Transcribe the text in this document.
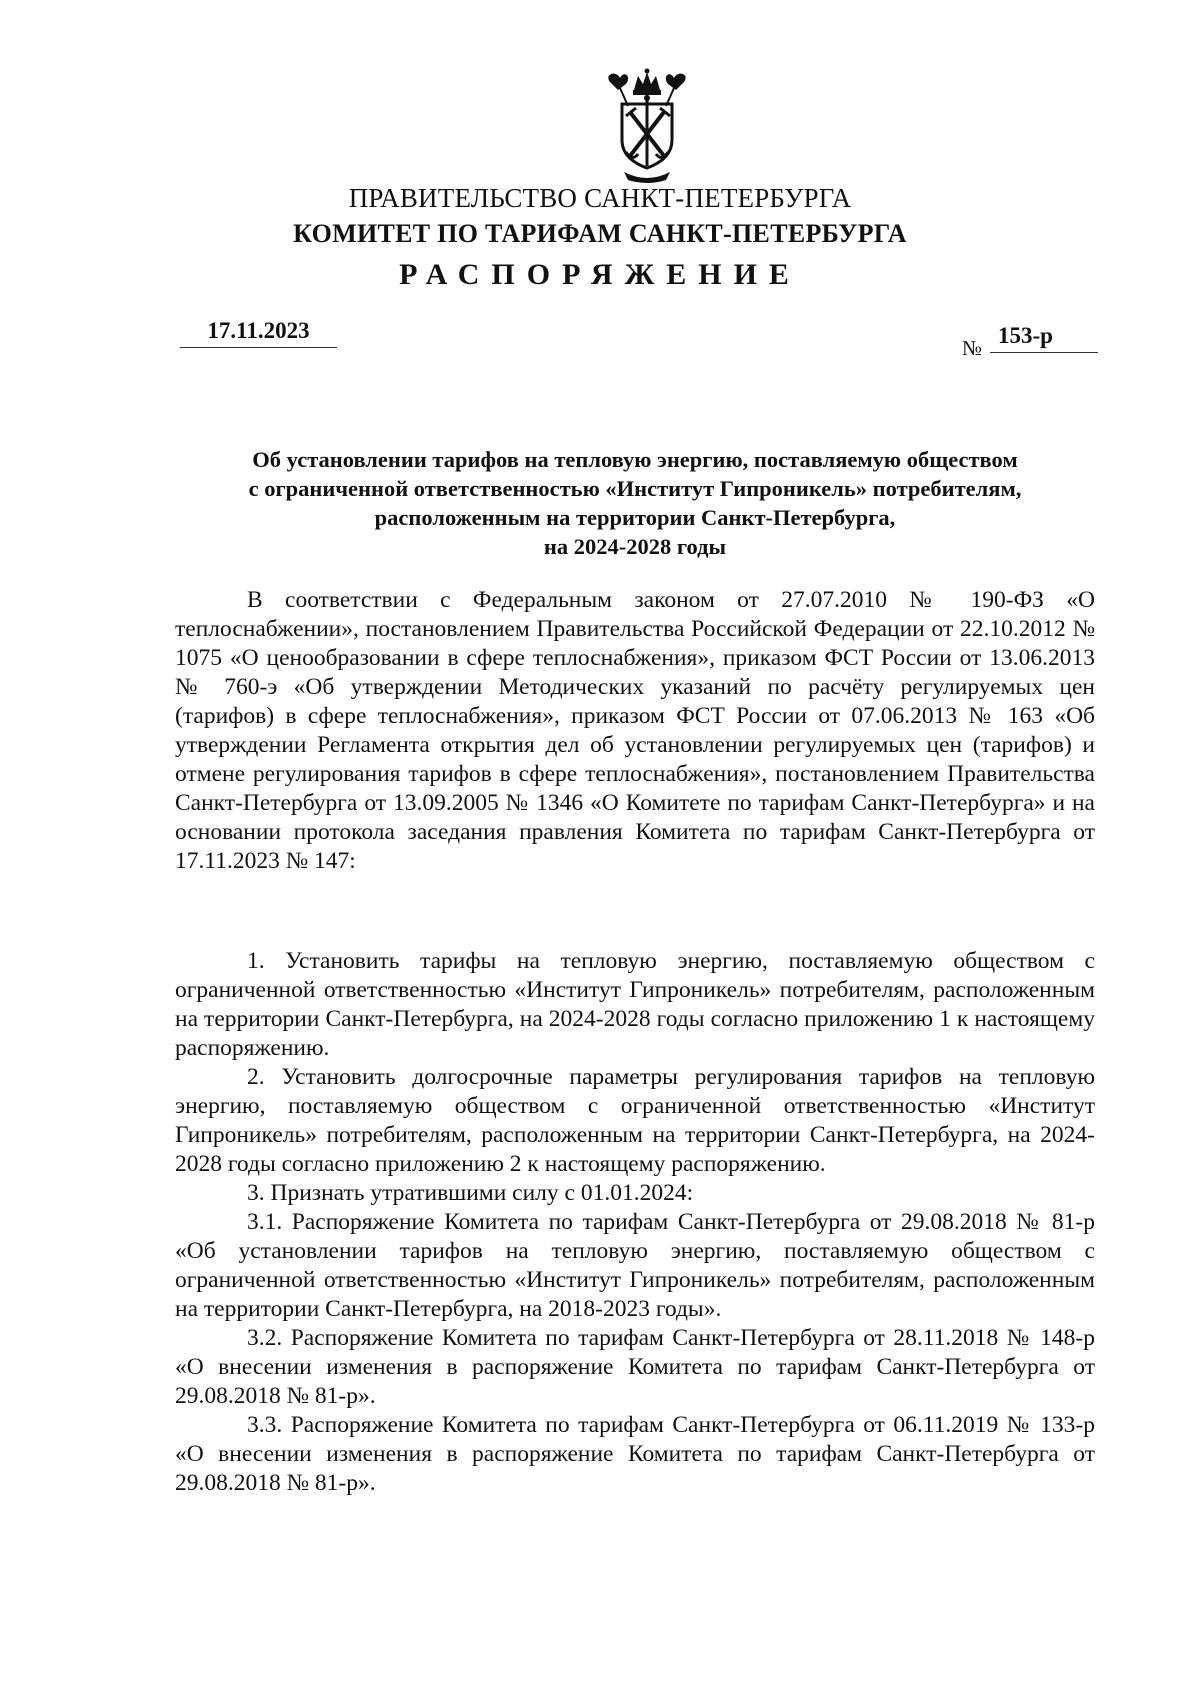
ПРАВИТЕЛЬСТВО САНКТ-ПЕТЕРБУРГА
КОМИТЕТ ПО ТАРИФАМ САНКТ-ПЕТЕРБУРГА
РАСПОРЯЖЕНИЕ
17.11.2023
№ 153-р
Об установлении тарифов на тепловую энергию, поставляемую обществом
с ограниченной ответственностью «Институт Гипроникель» потребителям,
расположенным на территории Санкт-Петербурга,
на 2024-2028 годы
В соответствии с Федеральным законом от 27.07.2010 № 190-ФЗ «О теплоснабжении», постановлением Правительства Российской Федерации от 22.10.2012 № 1075 «О ценообразовании в сфере теплоснабжения», приказом ФСТ России от 13.06.2013 № 760-э «Об утверждении Методических указаний по расчёту регулируемых цен (тарифов) в сфере теплоснабжения», приказом ФСТ России от 07.06.2013 № 163 «Об утверждении Регламента открытия дел об установлении регулируемых цен (тарифов) и отмене регулирования тарифов в сфере теплоснабжения», постановлением Правительства Санкт-Петербурга от 13.09.2005 № 1346 «О Комитете по тарифам Санкт-Петербурга» и на основании протокола заседания правления Комитета по тарифам Санкт-Петербурга от 17.11.2023 № 147:
1. Установить тарифы на тепловую энергию, поставляемую обществом с ограниченной ответственностью «Институт Гипроникель» потребителям, расположенным на территории Санкт-Петербурга, на 2024-2028 годы согласно приложению 1 к настоящему распоряжению.
2. Установить долгосрочные параметры регулирования тарифов на тепловую энергию, поставляемую обществом с ограниченной ответственностью «Институт Гипроникель» потребителям, расположенным на территории Санкт-Петербурга, на 2024-2028 годы согласно приложению 2 к настоящему распоряжению.
3. Признать утратившими силу с 01.01.2024:
3.1. Распоряжение Комитета по тарифам Санкт-Петербурга от 29.08.2018 № 81-р «Об установлении тарифов на тепловую энергию, поставляемую обществом с ограниченной ответственностью «Институт Гипроникель» потребителям, расположенным на территории Санкт-Петербурга, на 2018-2023 годы».
3.2. Распоряжение Комитета по тарифам Санкт-Петербурга от 28.11.2018 № 148-р «О внесении изменения в распоряжение Комитета по тарифам Санкт-Петербурга от 29.08.2018 № 81-р».
3.3. Распоряжение Комитета по тарифам Санкт-Петербурга от 06.11.2019 № 133-р «О внесении изменения в распоряжение Комитета по тарифам Санкт-Петербурга от 29.08.2018 № 81-р».
